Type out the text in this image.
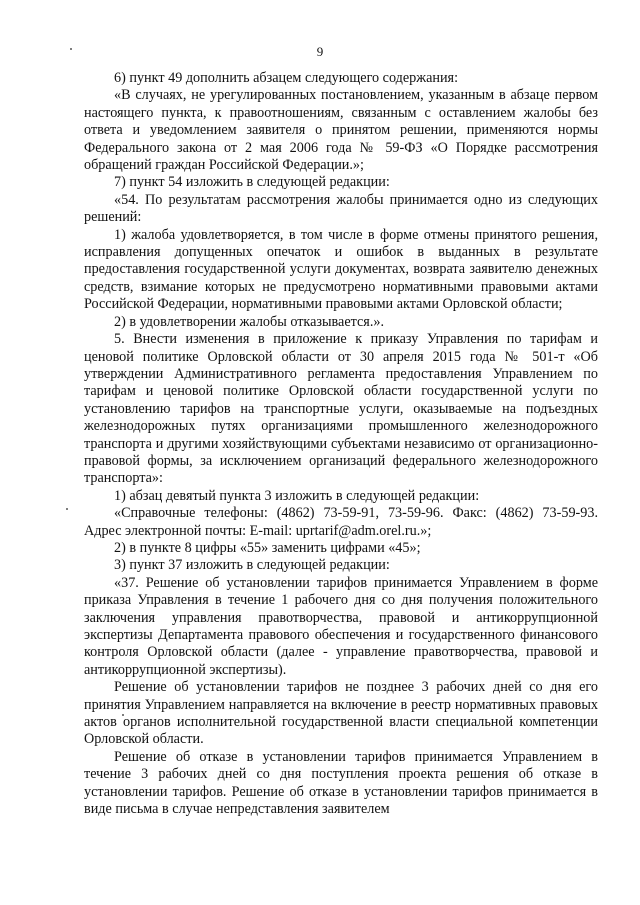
9

6) пункт 49 дополнить абзацем следующего содержания:

«В случаях, не урегулированных постановлением, указанным в абзаце первом настоящего пункта, к правоотношениям, связанным с оставлением жалобы без ответа и уведомлением заявителя о принятом решении, применяются нормы Федерального закона от 2 мая 2006 года № 59-ФЗ «О Порядке рассмотрения обращений граждан Российской Федерации.»;

7) пункт 54 изложить в следующей редакции:

«54. По результатам рассмотрения жалобы принимается одно из следующих решений:

1) жалоба удовлетворяется, в том числе в форме отмены принятого решения, исправления допущенных опечаток и ошибок в выданных в результате предоставления государственной услуги документах, возврата заявителю денежных средств, взимание которых не предусмотрено нормативными правовыми актами Российской Федерации, нормативными правовыми актами Орловской области;

2) в удовлетворении жалобы отказывается.».

5. Внести изменения в приложение к приказу Управления по тарифам и ценовой политике Орловской области от 30 апреля 2015 года № 501-т «Об утверждении Административного регламента предоставления Управлением по тарифам и ценовой политике Орловской области государственной услуги по установлению тарифов на транспортные услуги, оказываемые на подъездных железнодорожных путях организациями промышленного железнодорожного транспорта и другими хозяйствующими субъектами независимо от организационно-правовой формы, за исключением организаций федерального железнодорожного транспорта»:

1) абзац девятый пункта 3 изложить в следующей редакции:

«Справочные телефоны: (4862) 73-59-91, 73-59-96. Факс: (4862) 73-59-93. Адрес электронной почты: E-mail: uprtarif@adm.orel.ru.»;

2) в пункте 8 цифры «55» заменить цифрами «45»;

3) пункт 37 изложить в следующей редакции:

«37. Решение об установлении тарифов принимается Управлением в форме приказа Управления в течение 1 рабочего дня со дня получения положительного заключения управления правотворчества, правовой и антикоррупционной экспертизы Департамента правового обеспечения и государственного финансового контроля Орловской области (далее - управление правотворчества, правовой и антикоррупционной экспертизы).

Решение об установлении тарифов не позднее 3 рабочих дней со дня его принятия Управлением направляется на включение в реестр нормативных правовых актов органов исполнительной государственной власти специальной компетенции Орловской области.

Решение об отказе в установлении тарифов принимается Управлением в течение 3 рабочих дней со дня поступления проекта решения об отказе в установлении тарифов. Решение об отказе в установлении тарифов принимается в виде письма в случае непредставления заявителем
